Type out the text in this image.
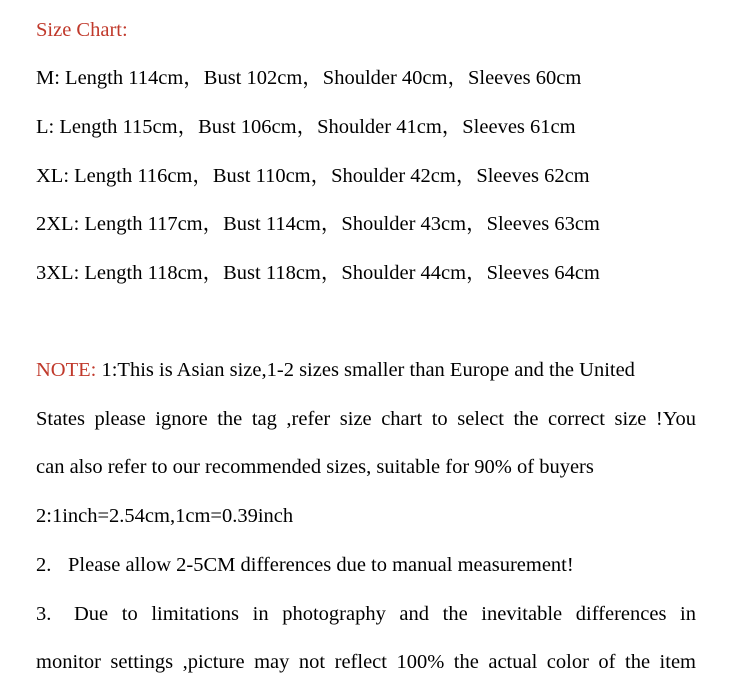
Size Chart:
M: Length 114cm，Bust 102cm，Shoulder 40cm，Sleeves 60cm
L: Length 115cm，Bust 106cm，Shoulder 41cm，Sleeves 61cm
XL: Length 116cm，Bust 110cm，Shoulder 42cm，Sleeves 62cm
2XL: Length 117cm，Bust 114cm，Shoulder 43cm，Sleeves 63cm
3XL: Length 118cm，Bust 118cm，Shoulder 44cm，Sleeves 64cm
NOTE: 1:This is Asian size,1-2 sizes smaller than Europe and the United
States please ignore the tag ,refer size chart to select the correct size !You
can also refer to our recommended sizes, suitable for 90% of buyers
2:1inch=2.54cm,1cm=0.39inch
2. Please allow 2-5CM differences due to manual measurement!
3. Due to limitations in photography and the inevitable differences in
monitor settings ,picture may not reflect 100% the actual color of the item
